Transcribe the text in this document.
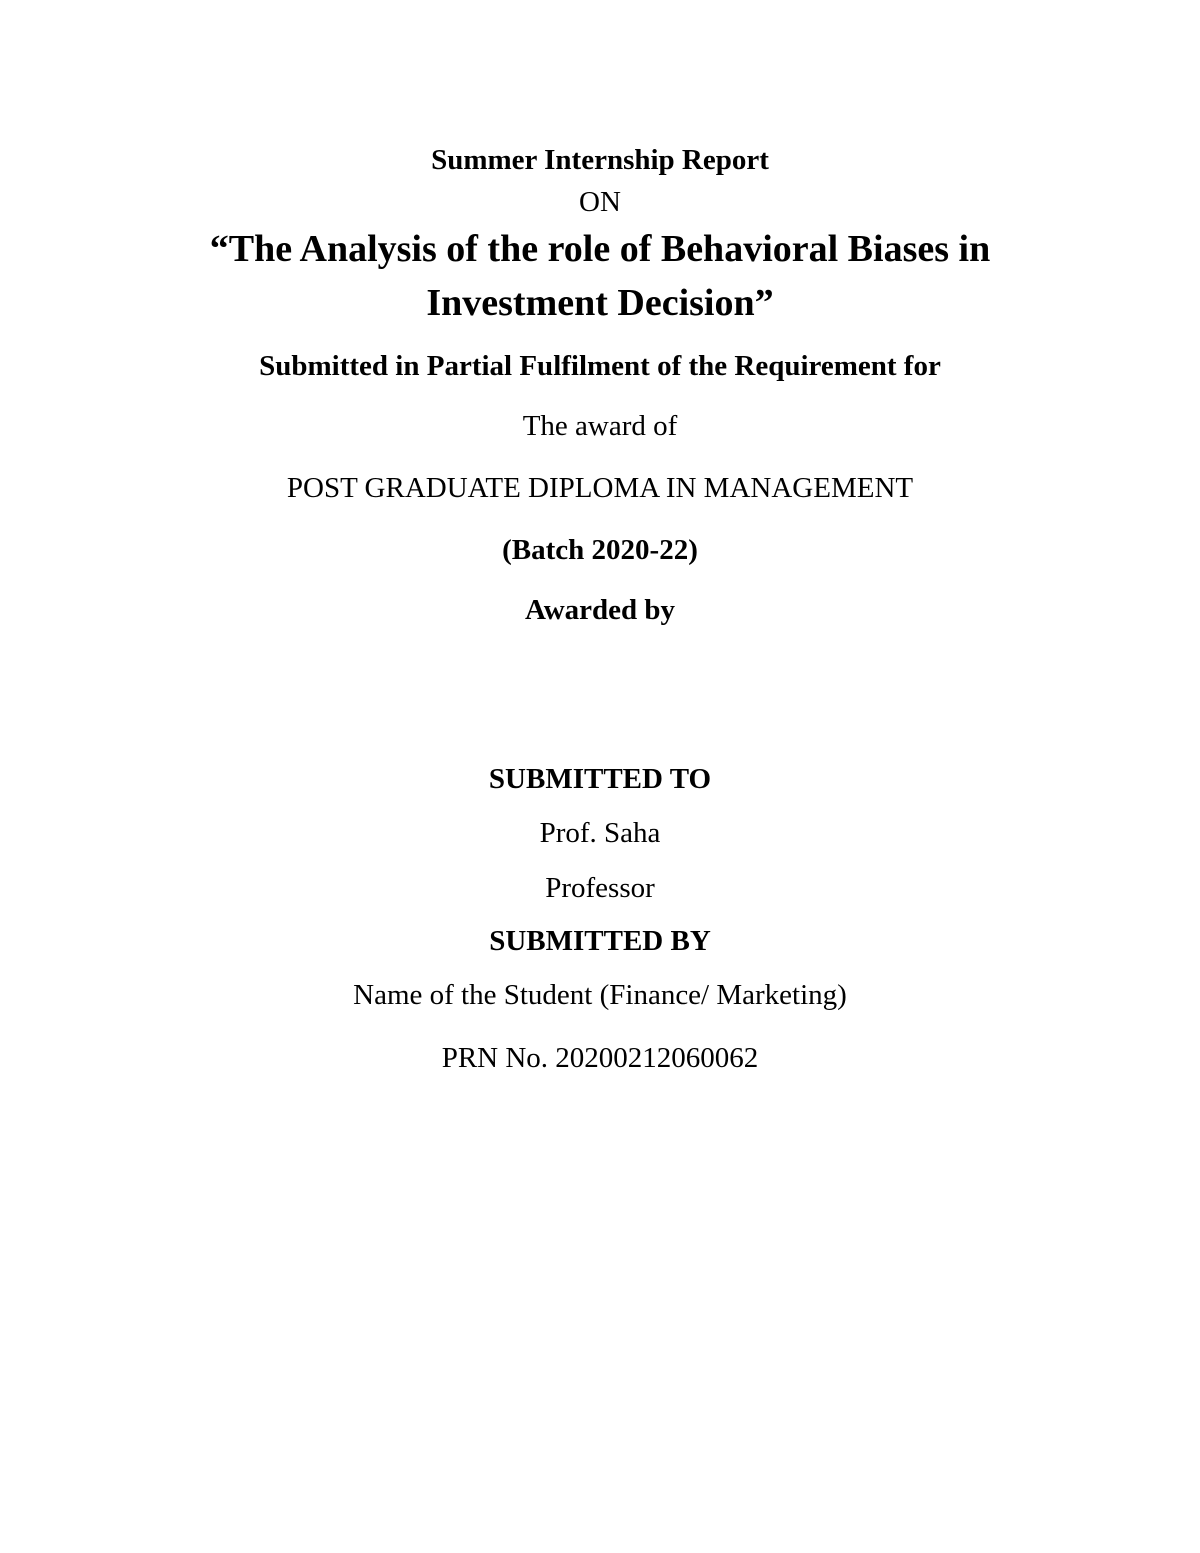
Summer Internship Report
ON
“The Analysis of the role of Behavioral Biases in
Investment Decision”
Submitted in Partial Fulfilment of the Requirement for
The award of
POST GRADUATE DIPLOMA IN MANAGEMENT
(Batch 2020-22)
Awarded by
SUBMITTED TO
Prof. Saha
Professor
SUBMITTED BY
Name of the Student (Finance/ Marketing)
PRN No. 20200212060062
